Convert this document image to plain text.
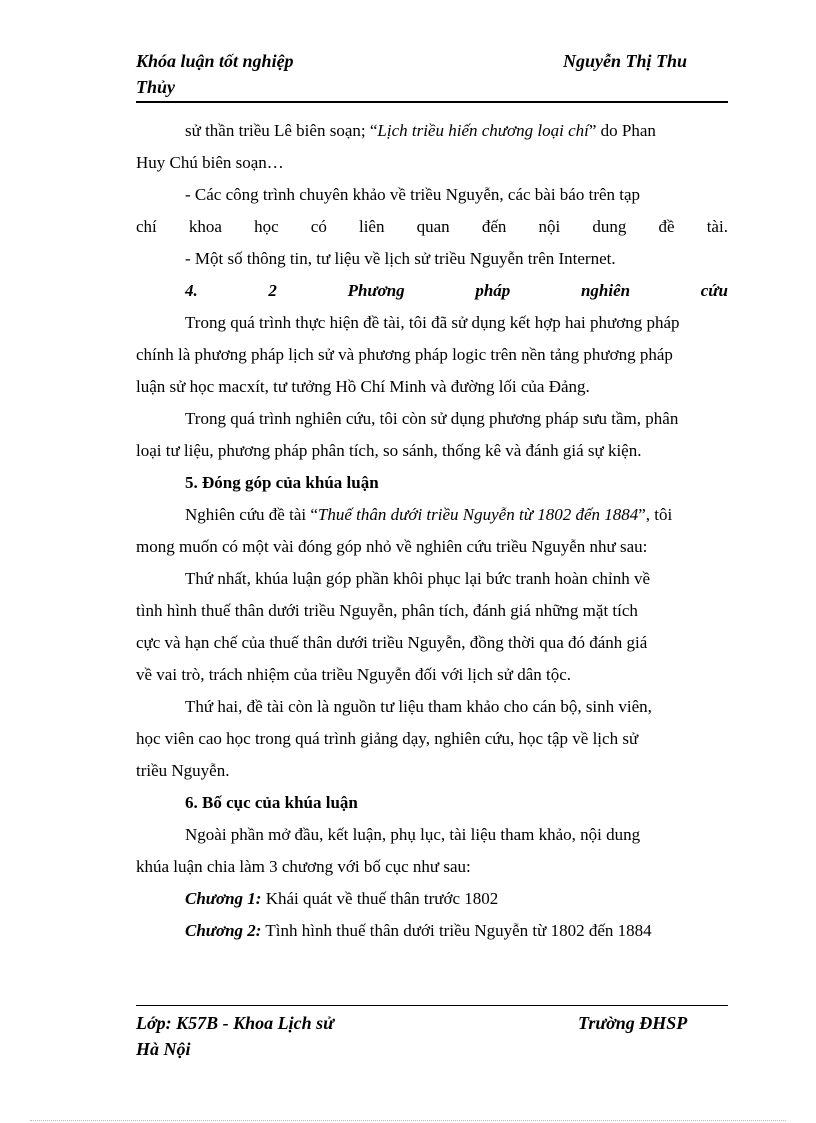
Khóa luận tốt nghiệp	Nguyễn Thị Thu
Thủy
sử thần triều Lê biên soạn; “Lịch triều hiến chương loại chí” do Phan
Huy Chú biên soạn…
- Các công trình chuyên khảo về triều Nguyễn, các bài báo trên tạp
chí khoa học có liên quan đến nội dung đề tài.
- Một số thông tin, tư liệu về lịch sử triều Nguyễn trên Internet.
4.	2	Phương	pháp	nghiên	cứu
Trong quá trình thực hiện đề tài, tôi đã sử dụng kết hợp hai phương pháp
chính là phương pháp lịch sử và phương pháp logic trên nền tảng phương pháp
luận sử học macxít, tư tưởng Hồ Chí Minh và đường lối của Đảng.
Trong quá trình nghiên cứu, tôi còn sử dụng phương pháp sưu tầm, phân
loại tư liệu, phương pháp phân tích, so sánh, thống kê và đánh giá sự kiện.
5. Đóng góp của khúa luận
Nghiên cứu đề tài “Thuế thân dưới triều Nguyễn từ 1802 đến 1884”, tôi
mong muốn có một vài đóng góp nhỏ về nghiên cứu triều Nguyễn như sau:
Thứ nhất, khúa luận góp phần khôi phục lại bức tranh hoàn chỉnh về
tình hình thuế thân dưới triều Nguyễn, phân tích, đánh giá những mặt tích
cực và hạn chế của thuế thân dưới triều Nguyễn, đồng thời qua đó đánh giá
về vai trò, trách nhiệm của triều Nguyễn đối với lịch sử dân tộc.
Thứ hai, đề tài còn là nguồn tư liệu tham khảo cho cán bộ, sinh viên,
học viên cao học trong quá trình giảng dạy, nghiên cứu, học tập về lịch sử
triều Nguyễn.
6. Bố cục của khúa luận
Ngoài phần mở đầu, kết luận, phụ lục, tài liệu tham khảo, nội dung
khúa luận chia làm 3 chương với bố cục như sau:
Chương 1: Khái quát về thuế thân trước 1802
Chương 2: Tình hình thuế thân dưới triều Nguyễn từ 1802 đến 1884
Lớp: K57B - Khoa Lịch sử	Trường ĐHSP
Hà Nội
